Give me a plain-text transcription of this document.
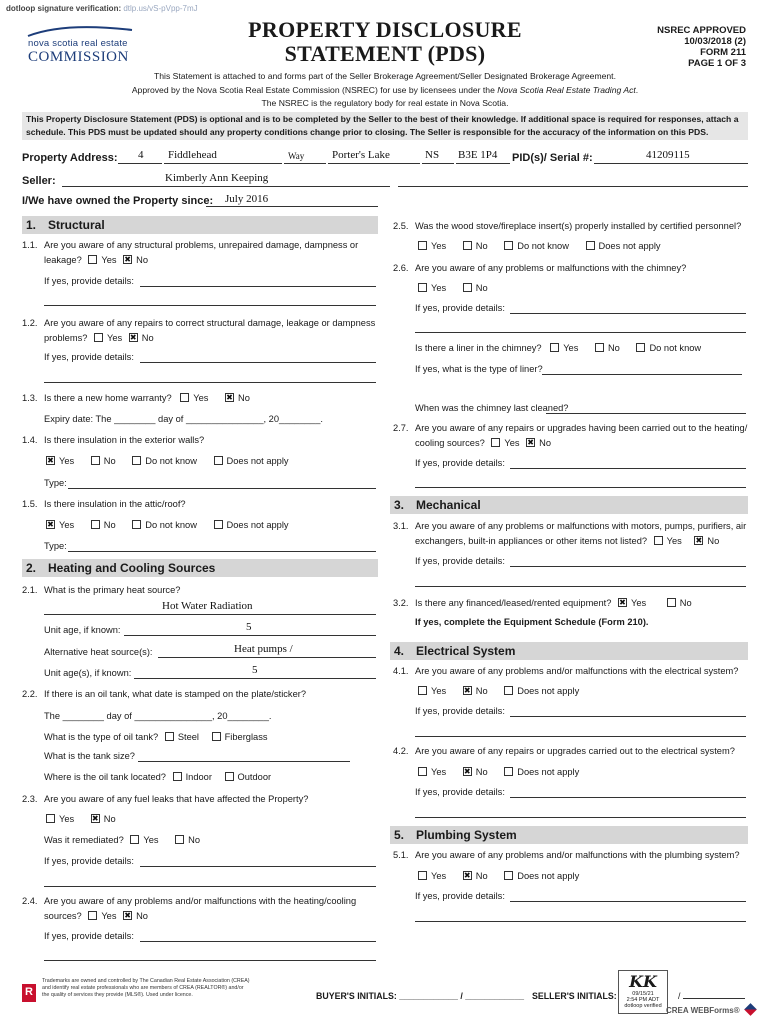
dotloop signature verification: dtlp.us/vS-pVpp-7mJ
nova scotia real estate
COMMISSION
PROPERTY DISCLOSURE
STATEMENT (PDS)
NSREC APPROVED
10/03/2018 (2)
FORM 211
PAGE 1 OF 3
This Statement is attached to and forms part of the Seller Brokerage Agreement/Seller Designated Brokerage Agreement.
Approved by the Nova Scotia Real Estate Commission (NSREC) for use by licensees under the Nova Scotia Real Estate Trading Act.
The NSREC is the regulatory body for real estate in Nova Scotia.
This Property Disclosure Statement (PDS) is optional and is to be completed by the Seller to the best of their knowledge. If additional space is required for responses, attach a schedule. This PDS must be updated should any property conditions change prior to closing. The Seller is responsible for the accuracy of the information on this PDS.
Property Address: 4 Fiddlehead	Way	Porter's Lake	NS B3E 1P4 PID(s)/ Serial #:	41209115
Seller:	Kimberly Ann Keeping
I/We have owned the Property since: July 2016
1. Structural
1.1. Are you aware of any structural problems, unrepaired damage, dampness or
leakage? Yes ✖ No
If yes, provide details:
1.2. Are you aware of any repairs to correct structural damage, leakage or dampness
problems? Yes ✖ No
If yes, provide details:
1.3. Is there a new home warranty? Yes ✖	No
Expiry date: The ________ day of _______________, 20________.
1.4. Is there insulation in the exterior walls?
✖Yes	No	Do not know	Does not apply
Type:
1.5. Is there insulation in the attic/roof?
✖Yes	No	Do not know	Does not apply
Type:
2. Heating and Cooling Sources
2.1. What is the primary heat source?
Hot Water Radiation
Unit age, if known:	5
Alternative heat source(s):	Heat pumps /
Unit age(s), if known:	5
2.2. If there is an oil tank, what date is stamped on the plate/sticker?
The ________ day of _______________, 20________.
What is the type of oil tank? Steel	Fiberglass
What is the tank size?
Where is the oil tank located? Indoor	Outdoor
2.3. Are you aware of any fuel leaks that have affected the Property?
Yes ✖	No
Was it remediated? Yes	No
If yes, provide details:
2.4. Are you aware of any problems and/or malfunctions with the heating/cooling
sources? Yes ✖ No
If yes, provide details:
2.5. Was the wood stove/fireplace insert(s) properly installed by certified personnel?
Yes	No	Do not know	Does not apply
2.6. Are you aware of any problems or malfunctions with the chimney?
Yes	No
If yes, provide details:
Is there a liner in the chimney? Yes	No	Do not know
If yes, what is the type of liner?
When was the chimney last cleaned?
2.7. Are you aware of any repairs or upgrades having been carried out to the heating/
cooling sources? Yes ✖ No
If yes, provide details:
3. Mechanical
3.1. Are you aware of any problems or malfunctions with motors, pumps, purifiers, air
exchangers, built-in appliances or other items not listed? Yes ✖	No
If yes, provide details:
3.2. Is there any financed/leased/rented equipment? ✖ Yes	No
If yes, complete the Equipment Schedule (Form 210).
4. Electrical System
4.1. Are you aware of any problems and/or malfunctions with the electrical system?
Yes ✖	No	Does not apply
If yes, provide details:
4.2. Are you aware of any repairs or upgrades carried out to the electrical system?
Yes ✖	No	Does not apply
If yes, provide details:
5. Plumbing System
5.1. Are you aware of any problems and/or malfunctions with the plumbing system?
Yes ✖	No	Does not apply
If yes, provide details:
R
Trademarks are owned and controlled by The Canadian Real Estate Association (CREA) and identify real estate professionals who are members of CREA (REALTOR®) and/or the quality of services they provide (MLS®). Used under licence.	BUYER'S INITIALS: ____________ / ____________ SELLER'S INITIALS:
KK
09/15/21
2:54 PM ADT
dotloop verified
/
CREA WEBForms®
